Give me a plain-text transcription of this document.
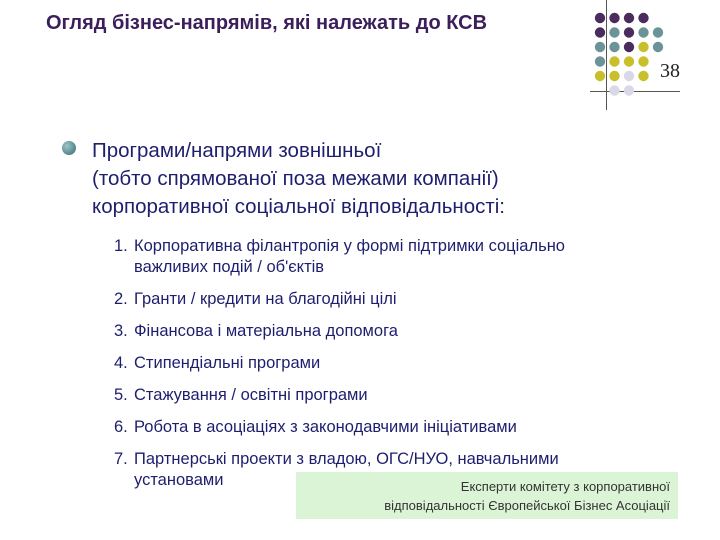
Огляд бізнес-напрямів, які належать до КСВ
38
Програми/напрями зовнішньої
(тобто спрямованої поза межами компанії)
корпоративної соціальної відповідальності:
1. Корпоративна філантропія у формі підтримки соціально
важливих подій / об'єктів
2. Гранти / кредити на благодійні цілі
3. Фінансова і матеріальна допомога
4. Стипендіальні програми
5. Стажування / освітні програми
6. Робота в асоціаціях з законодавчими ініціативами
7. Партнерські проекти з владою, ОГС/НУО, навчальними
установами	Експерти комітету з корпоративної
відповідальності Європейської Бізнес Асоціації
